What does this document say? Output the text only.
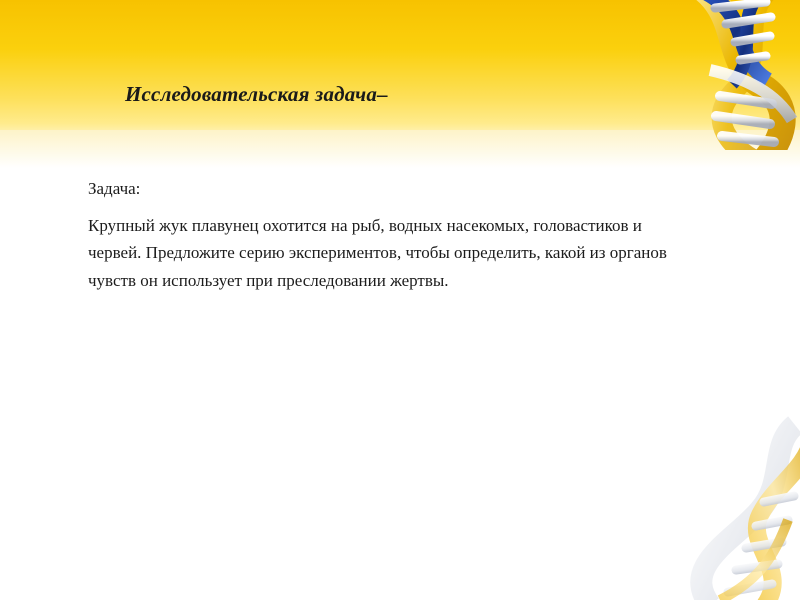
Исследовательская задача–
Задача:
Крупный жук плавунец охотится на рыб, водных насекомых, головастиков и червей. Предложите серию экспериментов, чтобы определить, какой из органов чувств он использует при преследовании жертвы.
